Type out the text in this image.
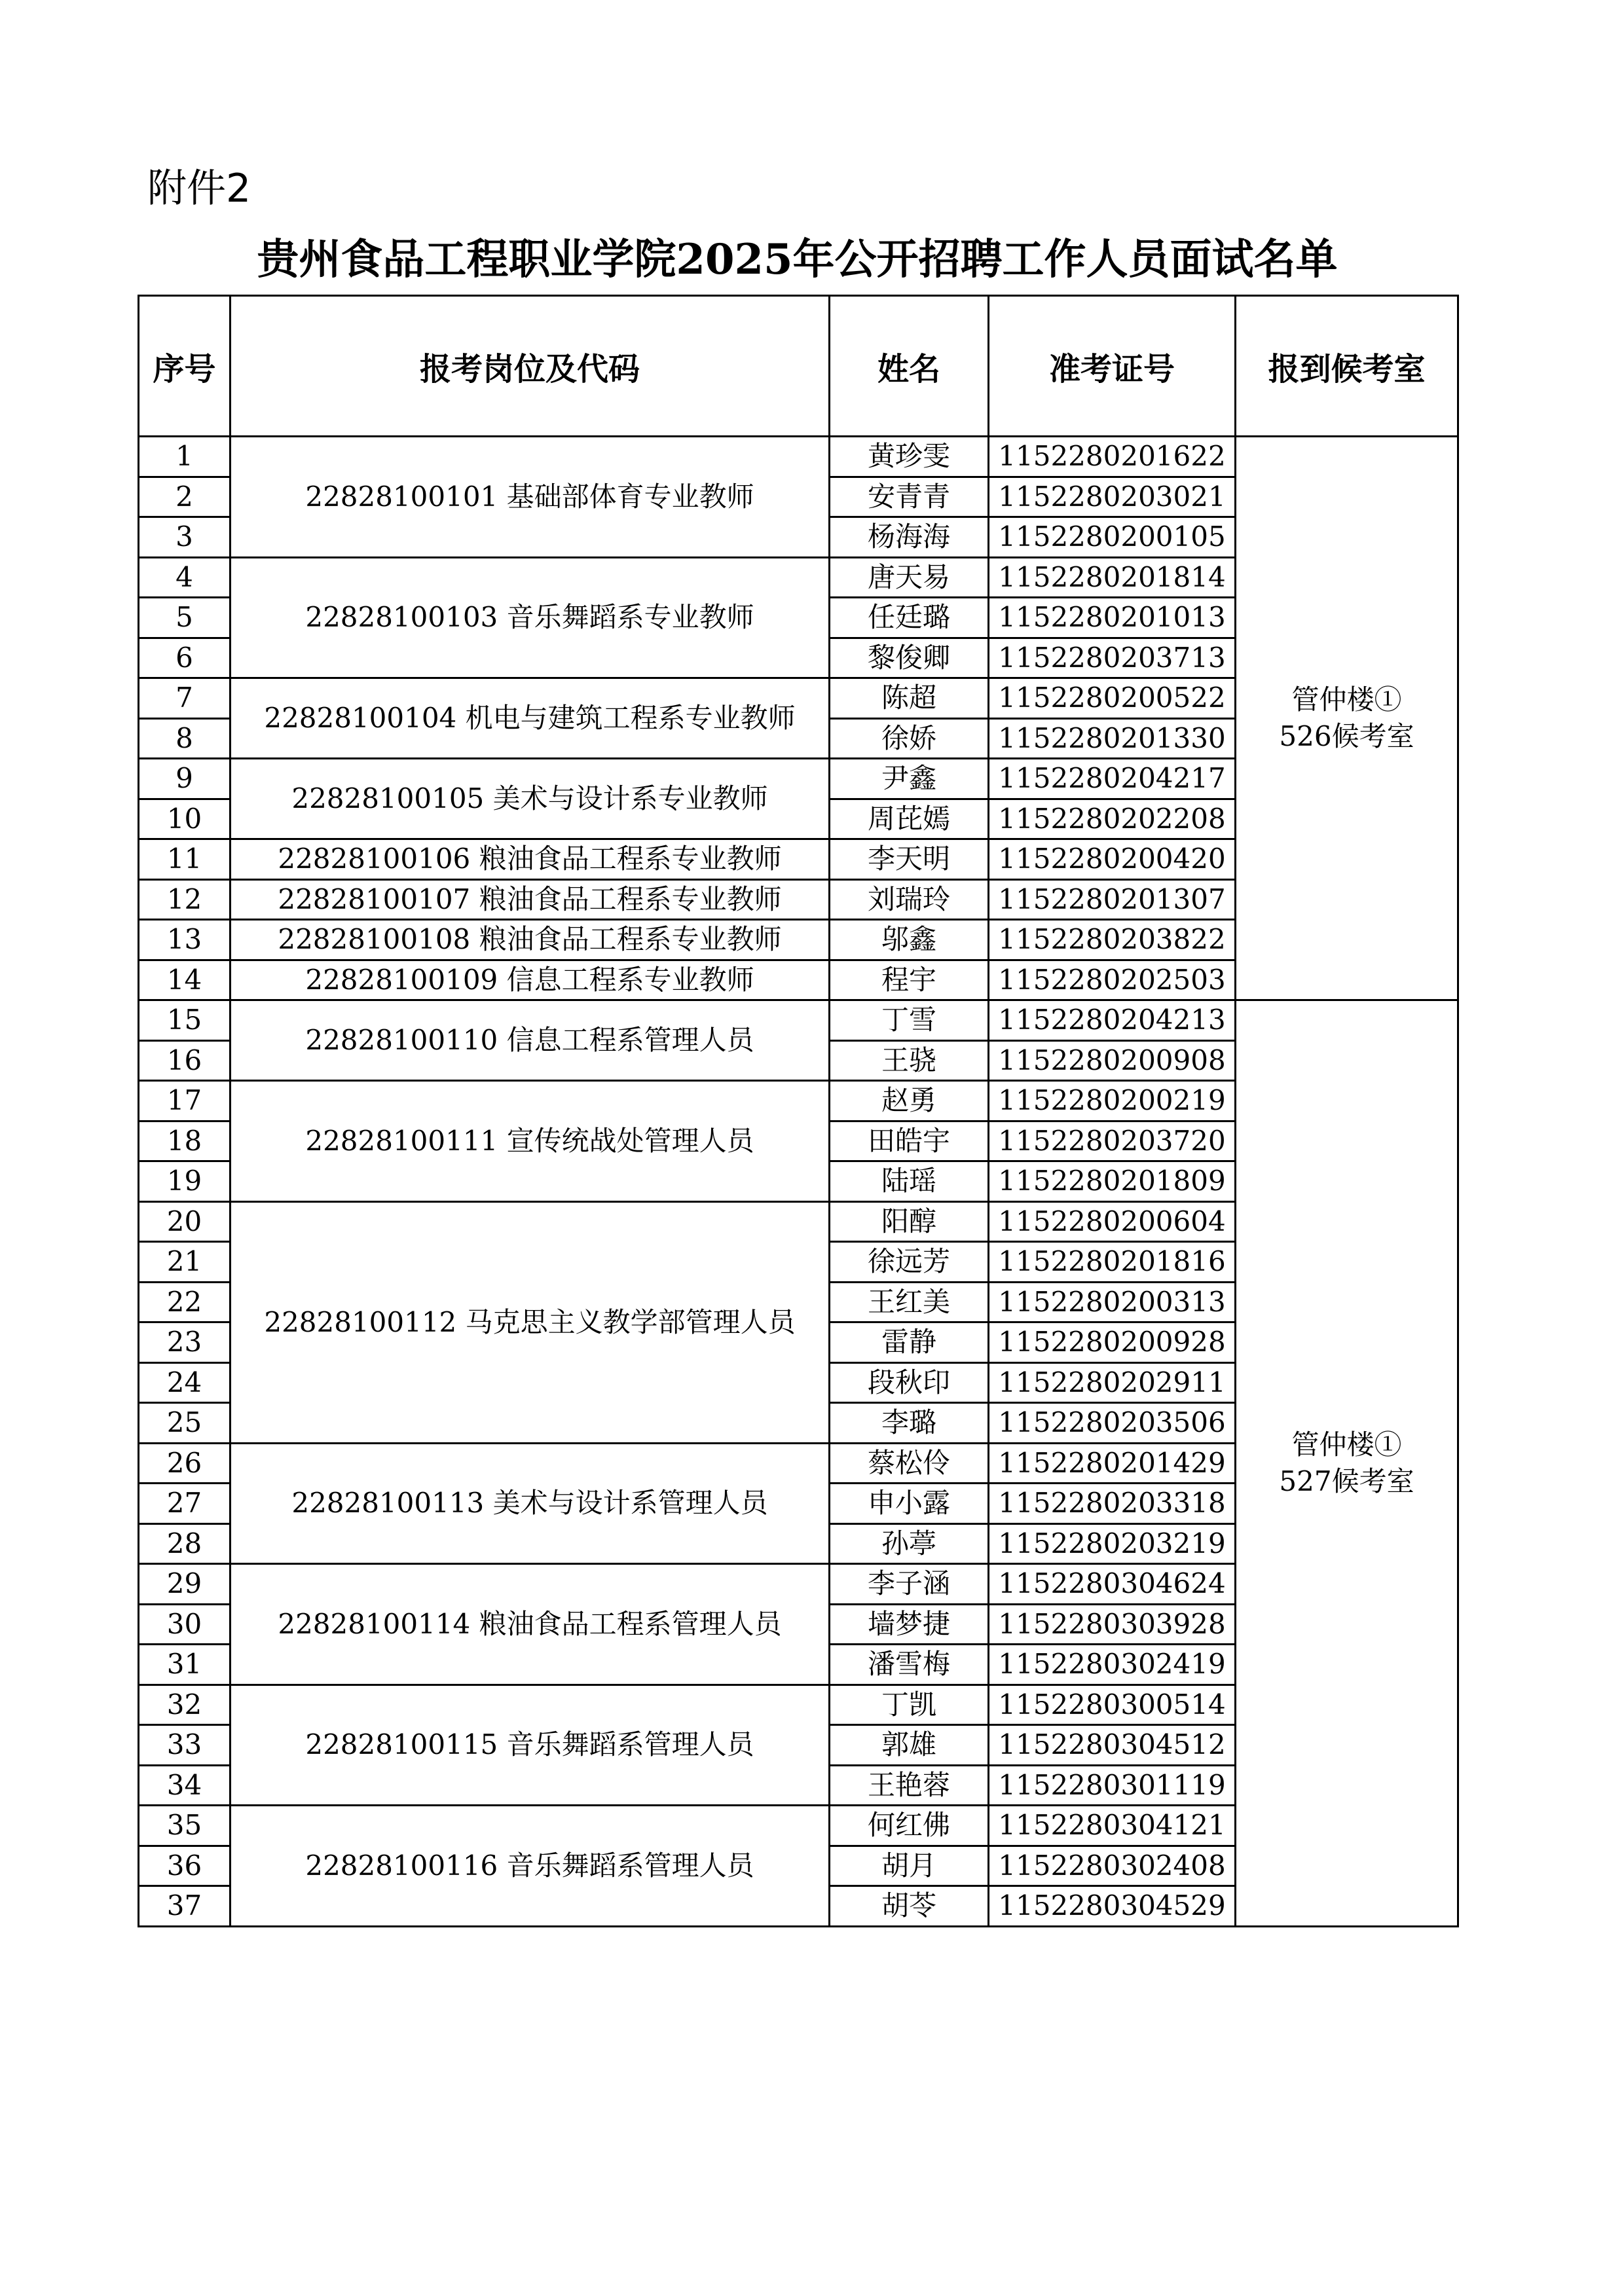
附件2
贵州食品工程职业学院2025年公开招聘工作人员面试名单
序号	报考岗位及代码	姓名	准考证号	报到候考室
1	22828100101 基础部体育专业教师	黄珍雯	1152280201622	管仲楼①
526候考室

2		安青青	1152280203021	
3		杨海海	1152280200105	
4	22828100103 音乐舞蹈系专业教师	唐天易	1152280201814	
5		任廷璐	1152280201013	
6		黎俊卿	1152280203713	
7	22828100104 机电与建筑工程系专业教师	陈超	1152280200522	
8		徐娇	1152280201330	
9	22828100105 美术与设计系专业教师	尹鑫	1152280204217	
10		周芘嫣	1152280202208	
11	22828100106 粮油食品工程系专业教师	李天明	1152280200420	
12	22828100107 粮油食品工程系专业教师	刘瑞玲	1152280201307	
13	22828100108 粮油食品工程系专业教师	邬鑫	1152280203822	
14	22828100109 信息工程系专业教师	程宇	1152280202503	
15	22828100110 信息工程系管理人员	丁雪	1152280204213	管仲楼①
527候考室

16		王骁	1152280200908	
17	22828100111 宣传统战处管理人员	赵勇	1152280200219	
18		田皓宇	1152280203720	
19		陆瑶	1152280201809	
20	22828100112 马克思主义教学部管理人员	阳醇	1152280200604	
21		徐远芳	1152280201816	
22		王红美	1152280200313	
23		雷静	1152280200928	
24		段秋印	1152280202911	
25		李璐	1152280203506	
26	22828100113 美术与设计系管理人员	蔡松伶	1152280201429	
27		申小露	1152280203318	
28		孙葶	1152280203219	
29	22828100114 粮油食品工程系管理人员	李子涵	1152280304624	
30		墙梦捷	1152280303928	
31		潘雪梅	1152280302419	
32	22828100115 音乐舞蹈系管理人员	丁凯	1152280300514	
33		郭雄	1152280304512	
34		王艳蓉	1152280301119	
35	22828100116 音乐舞蹈系管理人员	何红佛	1152280304121	
36		胡月	1152280302408	
37		胡苓	1152280304529	
